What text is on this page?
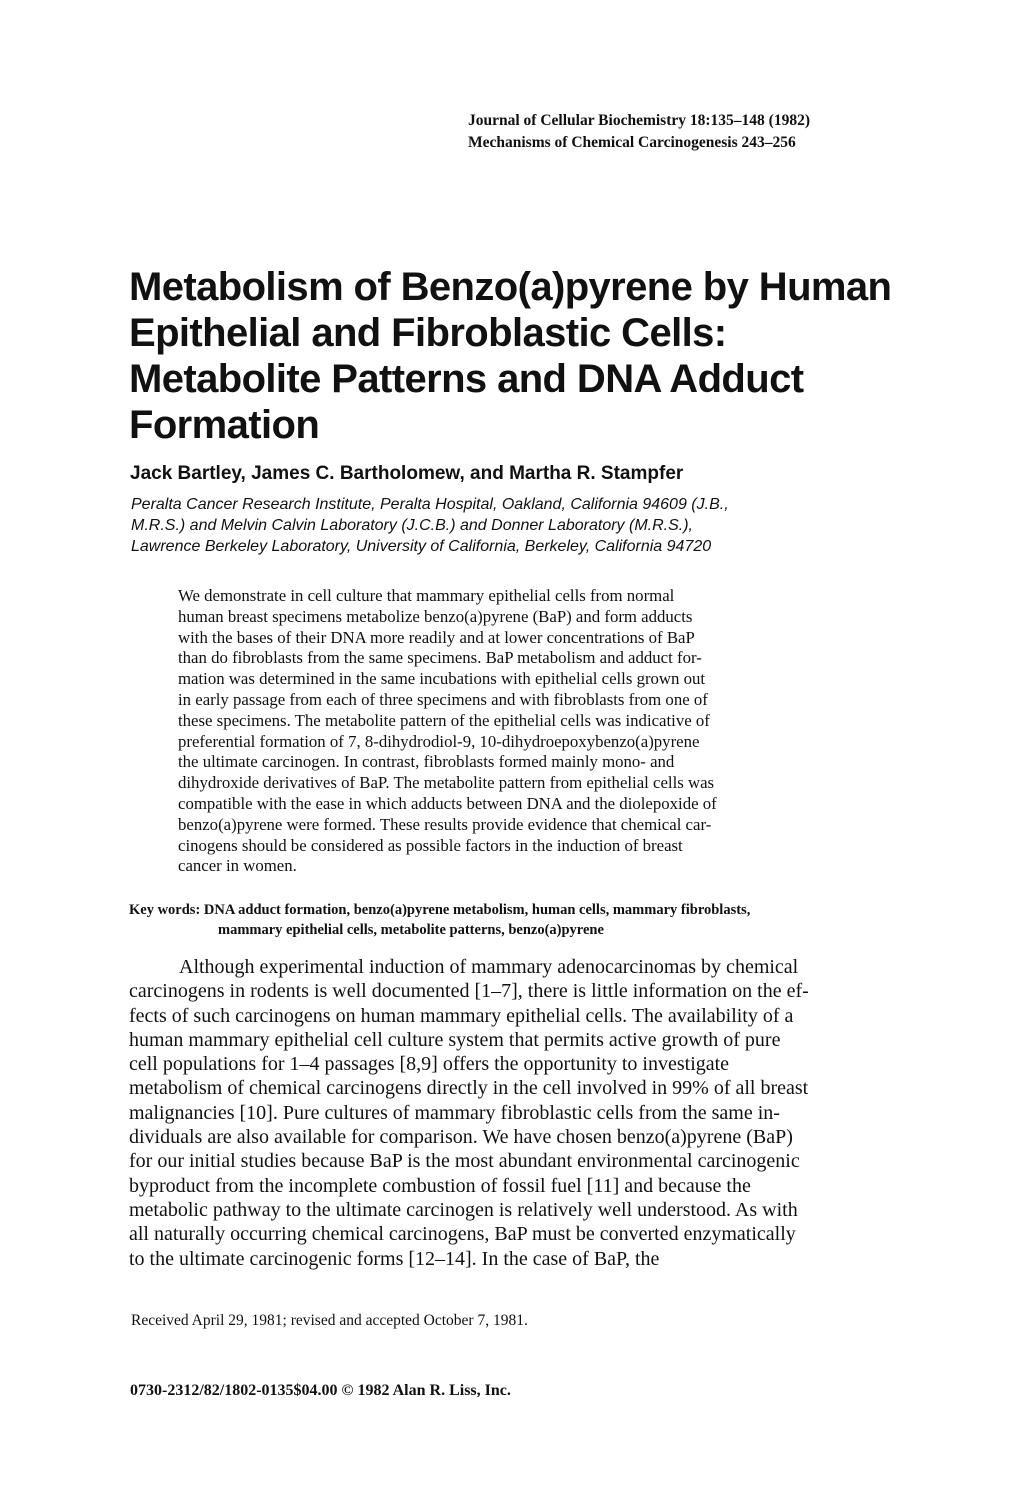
Journal of Cellular Biochemistry 18:135–148 (1982)
Mechanisms of Chemical Carcinogenesis 243–256
Metabolism of Benzo(a)pyrene by Human
Epithelial and Fibroblastic Cells:
Metabolite Patterns and DNA Adduct
Formation
Jack Bartley, James C. Bartholomew, and Martha R. Stampfer
Peralta Cancer Research Institute, Peralta Hospital, Oakland, California 94609 (J.B.,
M.R.S.) and Melvin Calvin Laboratory (J.C.B.) and Donner Laboratory (M.R.S.),
Lawrence Berkeley Laboratory, University of California, Berkeley, California 94720
We demonstrate in cell culture that mammary epithelial cells from normal
human breast specimens metabolize benzo(a)pyrene (BaP) and form adducts
with the bases of their DNA more readily and at lower concentrations of BaP
than do fibroblasts from the same specimens. BaP metabolism and adduct for-
mation was determined in the same incubations with epithelial cells grown out
in early passage from each of three specimens and with fibroblasts from one of
these specimens. The metabolite pattern of the epithelial cells was indicative of
preferential formation of 7, 8-dihydrodiol-9, 10-dihydroepoxybenzo(a)pyrene
the ultimate carcinogen. In contrast, fibroblasts formed mainly mono- and
dihydroxide derivatives of BaP. The metabolite pattern from epithelial cells was
compatible with the ease in which adducts between DNA and the diolepoxide of
benzo(a)pyrene were formed. These results provide evidence that chemical car-
cinogens should be considered as possible factors in the induction of breast
cancer in women.
Key words: DNA adduct formation, benzo(a)pyrene metabolism, human cells, mammary fibroblasts,
mammary epithelial cells, metabolite patterns, benzo(a)pyrene
Although experimental induction of mammary adenocarcinomas by chemical
carcinogens in rodents is well documented [1–7], there is little information on the ef-
fects of such carcinogens on human mammary epithelial cells. The availability of a
human mammary epithelial cell culture system that permits active growth of pure
cell populations for 1–4 passages [8,9] offers the opportunity to investigate
metabolism of chemical carcinogens directly in the cell involved in 99% of all breast
malignancies [10]. Pure cultures of mammary fibroblastic cells from the same in-
dividuals are also available for comparison. We have chosen benzo(a)pyrene (BaP)
for our initial studies because BaP is the most abundant environmental carcinogenic
byproduct from the incomplete combustion of fossil fuel [11] and because the
metabolic pathway to the ultimate carcinogen is relatively well understood. As with
all naturally occurring chemical carcinogens, BaP must be converted enzymatically
to the ultimate carcinogenic forms [12–14]. In the case of BaP, the
Received April 29, 1981; revised and accepted October 7, 1981.
0730-2312/82/1802-0135$04.00 © 1982 Alan R. Liss, Inc.
